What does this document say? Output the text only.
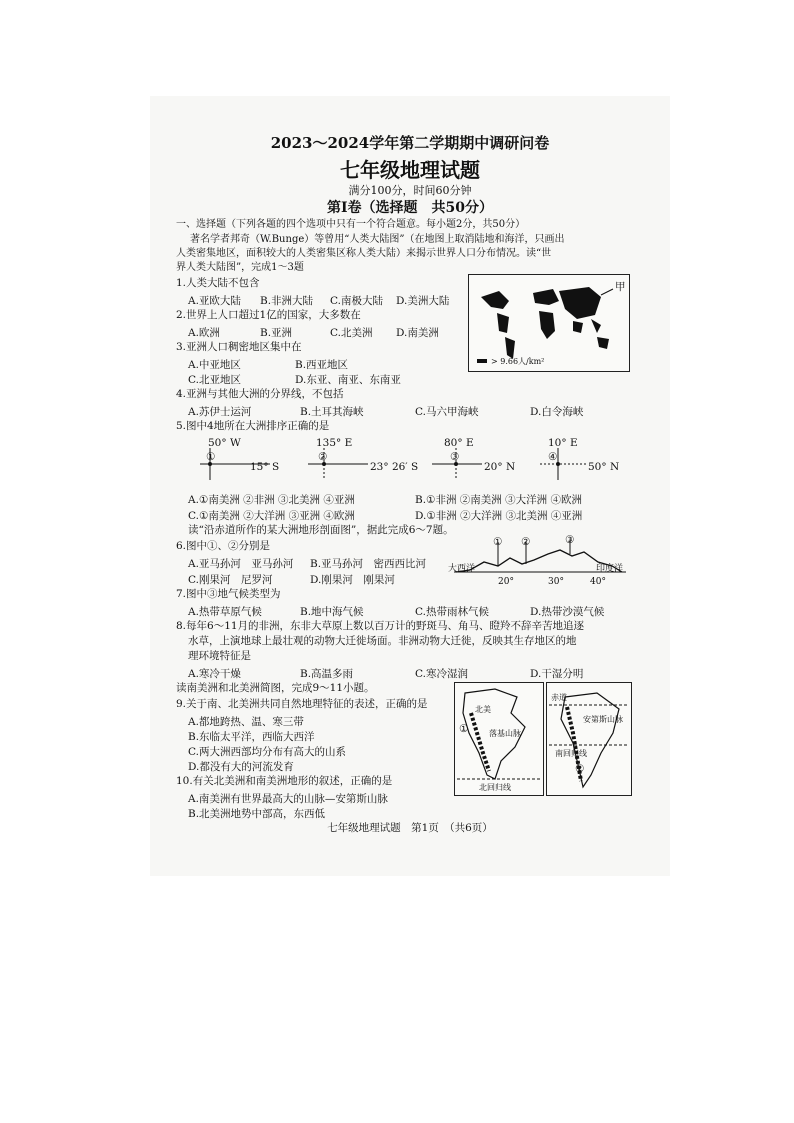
2023～2024学年第二学期期中调研问卷
七年级地理试题
满分100分，时间60分钟
第Ⅰ卷（选择题　共50分）
一、选择题（下列各题的四个选项中只有一个符合题意。每小题2分，共50分）
著名学者邦奇（W.Bunge）等曾用“人类大陆图”（在地图上取消陆地和海洋，只画出
人类密集地区，面积较大的人类密集区称人类大陆）来揭示世界人口分布情况。读“世
界人类大陆图”，完成1～3题
甲
> 9.66人/km²
1.人类大陆不包含
A.亚欧大陆 B.非洲大陆 C.南极大陆 D.美洲大陆
2.世界上人口超过1亿的国家，大多数在
A.欧洲	B.亚洲	C.北美洲 D.南美洲
3.亚洲人口稠密地区集中在
A.中亚地区	B.西亚地区
C.北亚地区	D.东亚、南亚、东南亚
4.亚洲与其他大洲的分界线，不包括
A.苏伊士运河	B.土耳其海峡	C.马六甲海峡	D.白令海峡
5.图中4地所在大洲排序正确的是
50° W
①
15° S
135° E
②
23° 26′ S
80° E
③
20° N
10° E
④
50° N
A.①南美洲 ②非洲 ③北美洲 ④亚洲	B.①非洲 ②南美洲 ③大洋洲 ④欧洲
C.①南美洲 ②大洋洲 ③亚洲 ④欧洲	D.①非洲 ②大洋洲 ③北美洲 ④亚洲
读“沿赤道所作的某大洲地形剖面图”，据此完成6～7题。
6.图中①、②分别是
A.亚马孙河　亚马孙河 B.亚马孙河　密西西比河
C.刚果河　尼罗河	D.刚果河　刚果河
大西洋	印度洋
① ②	③
20°	30°	40°
7.图中③地气候类型为
A.热带草原气候	B.地中海气候	C.热带雨林气候	D.热带沙漠气候
8.每年6～11月的非洲，东非大草原上数以百万计的野斑马、角马、瞪羚不辞辛苦地追逐
水草，上演地球上最壮观的动物大迁徙场面。非洲动物大迁徙，反映其生存地区的地
理环境特征是
A.寒冷干燥	B.高温多雨	C.寒冷湿润	D.干湿分明
读南美洲和北美洲简图，完成9～11小题。
北美
落基山脉
北回归线
①
赤道
安第斯山脉
南回归线
②
9.关于南、北美洲共同自然地理特征的表述，正确的是
A.都地跨热、温、寒三带
B.东临太平洋，西临大西洋
C.两大洲西部均分布有高大的山系
D.都没有大的河流发育
10.有关北美洲和南美洲地形的叙述，正确的是
A.南美洲有世界最高大的山脉—安第斯山脉
B.北美洲地势中部高，东西低
七年级地理试题　第1页　（共6页）
